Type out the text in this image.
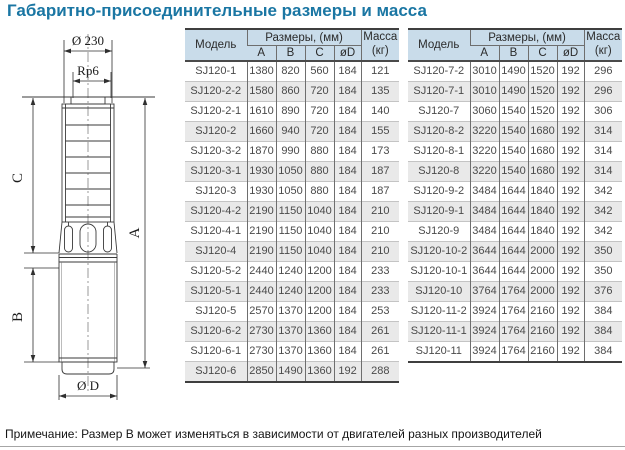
Габаритно-присоединительные размеры и масса
Ø 230
Rp6
C
B
A
Ø D
Модель	Размеры, (мм)				Масса
(кг)

	A	B	C	øD	
SJ120-1	1380	820	560	184	121
SJ120-2-2	1580	860	720	184	135
SJ120-2-1	1610	890	720	184	140
SJ120-2	1660	940	720	184	155
SJ120-3-2	1870	990	880	184	173
SJ120-3-1	1930	1050	880	184	187
SJ120-3	1930	1050	880	184	187
SJ120-4-2	2190	1150	1040	184	210
SJ120-4-1	2190	1150	1040	184	210
SJ120-4	2190	1150	1040	184	210
SJ120-5-2	2440	1240	1200	184	233
SJ120-5-1	2440	1240	1200	184	233
SJ120-5	2570	1370	1200	184	253
SJ120-6-2	2730	1370	1360	184	261
SJ120-6-1	2730	1370	1360	184	261
SJ120-6	2850	1490	1360	192	288
Модель	Размеры, (мм)				Масса
(кг)

	A	B	C	øD	
SJ120-7-2	3010	1490	1520	192	296
SJ120-7-1	3010	1490	1520	192	296
SJ120-7	3060	1540	1520	192	306
SJ120-8-2	3220	1540	1680	192	314
SJ120-8-1	3220	1540	1680	192	314
SJ120-8	3220	1540	1680	192	314
SJ120-9-2	3484	1644	1840	192	342
SJ120-9-1	3484	1644	1840	192	342
SJ120-9	3484	1644	1840	192	342
SJ120-10-2	3644	1644	2000	192	350
SJ120-10-1	3644	1644	2000	192	350
SJ120-10	3764	1764	2000	192	376
SJ120-11-2	3924	1764	2160	192	384
SJ120-11-1	3924	1764	2160	192	384
SJ120-11	3924	1764	2160	192	384
Примечание: Размер B может изменяться в зависимости от двигателей разных производителей
